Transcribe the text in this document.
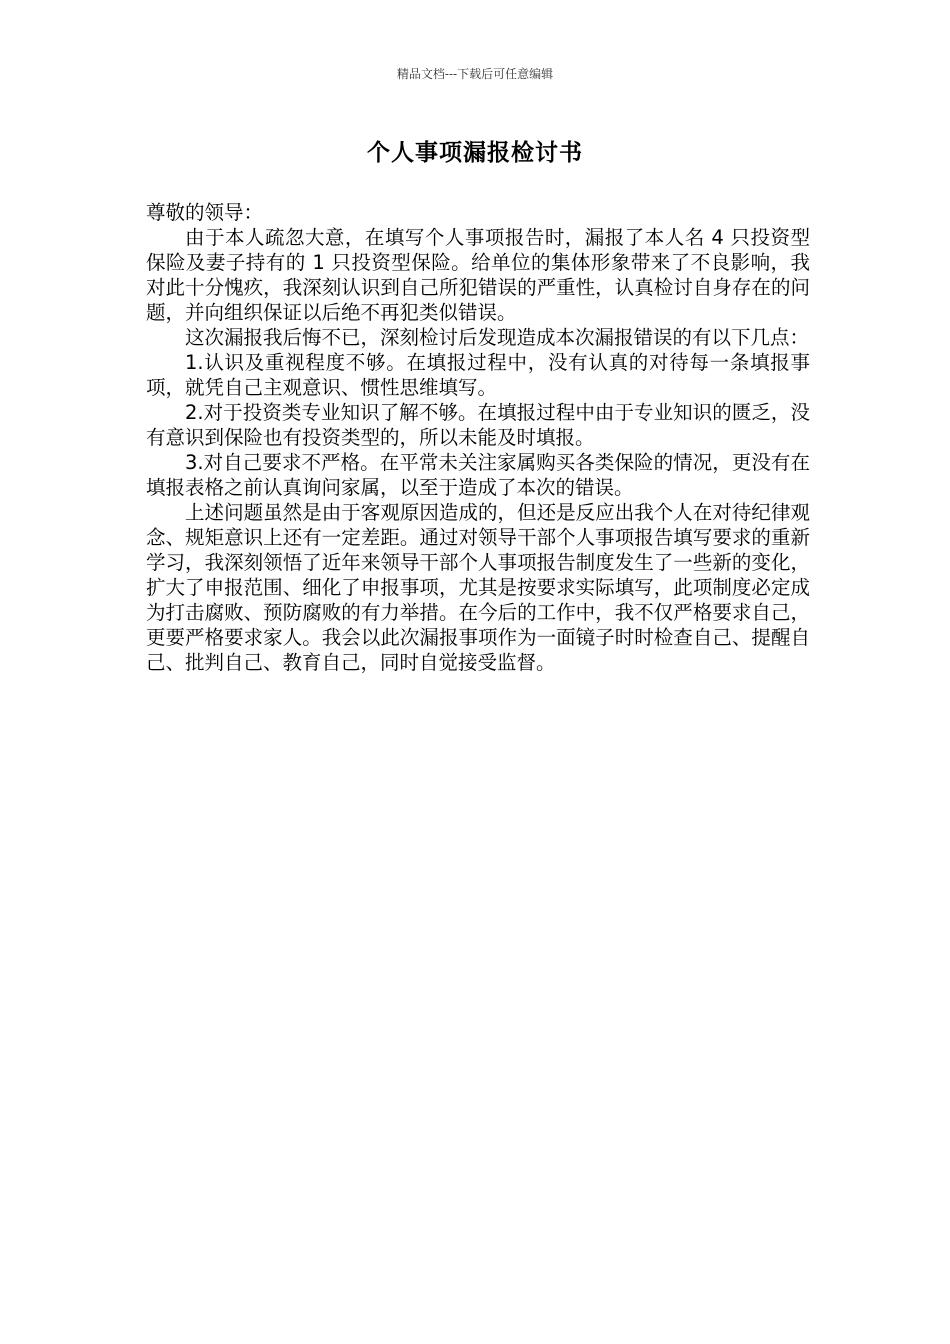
精品文档---下载后可任意编辑
个人事项漏报检讨书

尊敬的领导：

由于本人疏忽大意，在填写个人事项报告时，漏报了本人名 4 只投资型保险及妻子持有的 1 只投资型保险。给单位的集体形象带来了不良影响，我对此十分愧疚，我深刻认识到自己所犯错误的严重性，认真检讨自身存在的问题，并向组织保证以后绝不再犯类似错误。

这次漏报我后悔不已，深刻检讨后发现造成本次漏报错误的有以下几点：

1.认识及重视程度不够。在填报过程中，没有认真的对待每一条填报事项，就凭自己主观意识、惯性思维填写。

2.对于投资类专业知识了解不够。在填报过程中由于专业知识的匮乏，没有意识到保险也有投资类型的，所以未能及时填报。

3.对自己要求不严格。在平常未关注家属购买各类保险的情况，更没有在填报表格之前认真询问家属，以至于造成了本次的错误。

上述问题虽然是由于客观原因造成的，但还是反应出我个人在对待纪律观念、规矩意识上还有一定差距。通过对领导干部个人事项报告填写要求的重新学习，我深刻领悟了近年来领导干部个人事项报告制度发生了一些新的变化，扩大了申报范围、细化了申报事项，尤其是按要求实际填写，此项制度必定成为打击腐败、预防腐败的有力举措。在今后的工作中，我不仅严格要求自己，更要严格要求家人。我会以此次漏报事项作为一面镜子时时检查自己、提醒自己、批判自己、教育自己，同时自觉接受监督。
